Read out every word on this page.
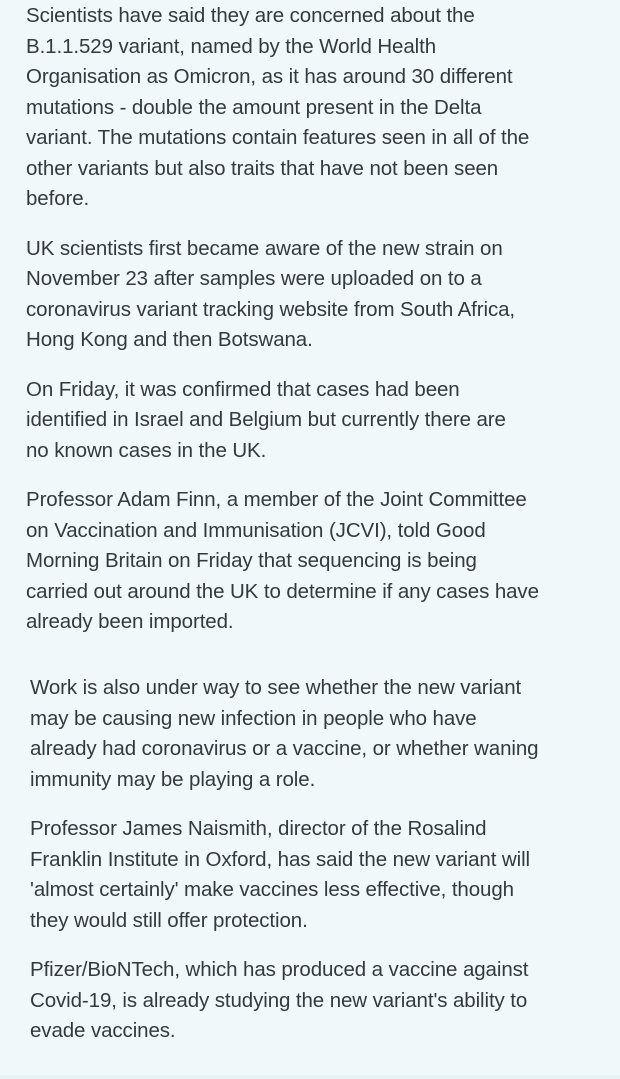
Scientists have said they are concerned about the
B.1.1.529 variant, named by the World Health
Organisation as Omicron, as it has around 30 different
mutations - double the amount present in the Delta
variant. The mutations contain features seen in all of the
other variants but also traits that have not been seen
before.

UK scientists first became aware of the new strain on
November 23 after samples were uploaded on to a
coronavirus variant tracking website from South Africa,
Hong Kong and then Botswana.

On Friday, it was confirmed that cases had been
identified in Israel and Belgium but currently there are
no known cases in the UK.

Professor Adam Finn, a member of the Joint Committee
on Vaccination and Immunisation (JCVI), told Good
Morning Britain on Friday that sequencing is being
carried out around the UK to determine if any cases have
already been imported.

Work is also under way to see whether the new variant
may be causing new infection in people who have
already had coronavirus or a vaccine, or whether waning
immunity may be playing a role.

Professor James Naismith, director of the Rosalind
Franklin Institute in Oxford, has said the new variant will
'almost certainly' make vaccines less effective, though
they would still offer protection.

Pfizer/BioNTech, which has produced a vaccine against
Covid-19, is already studying the new variant's ability to
evade vaccines.
